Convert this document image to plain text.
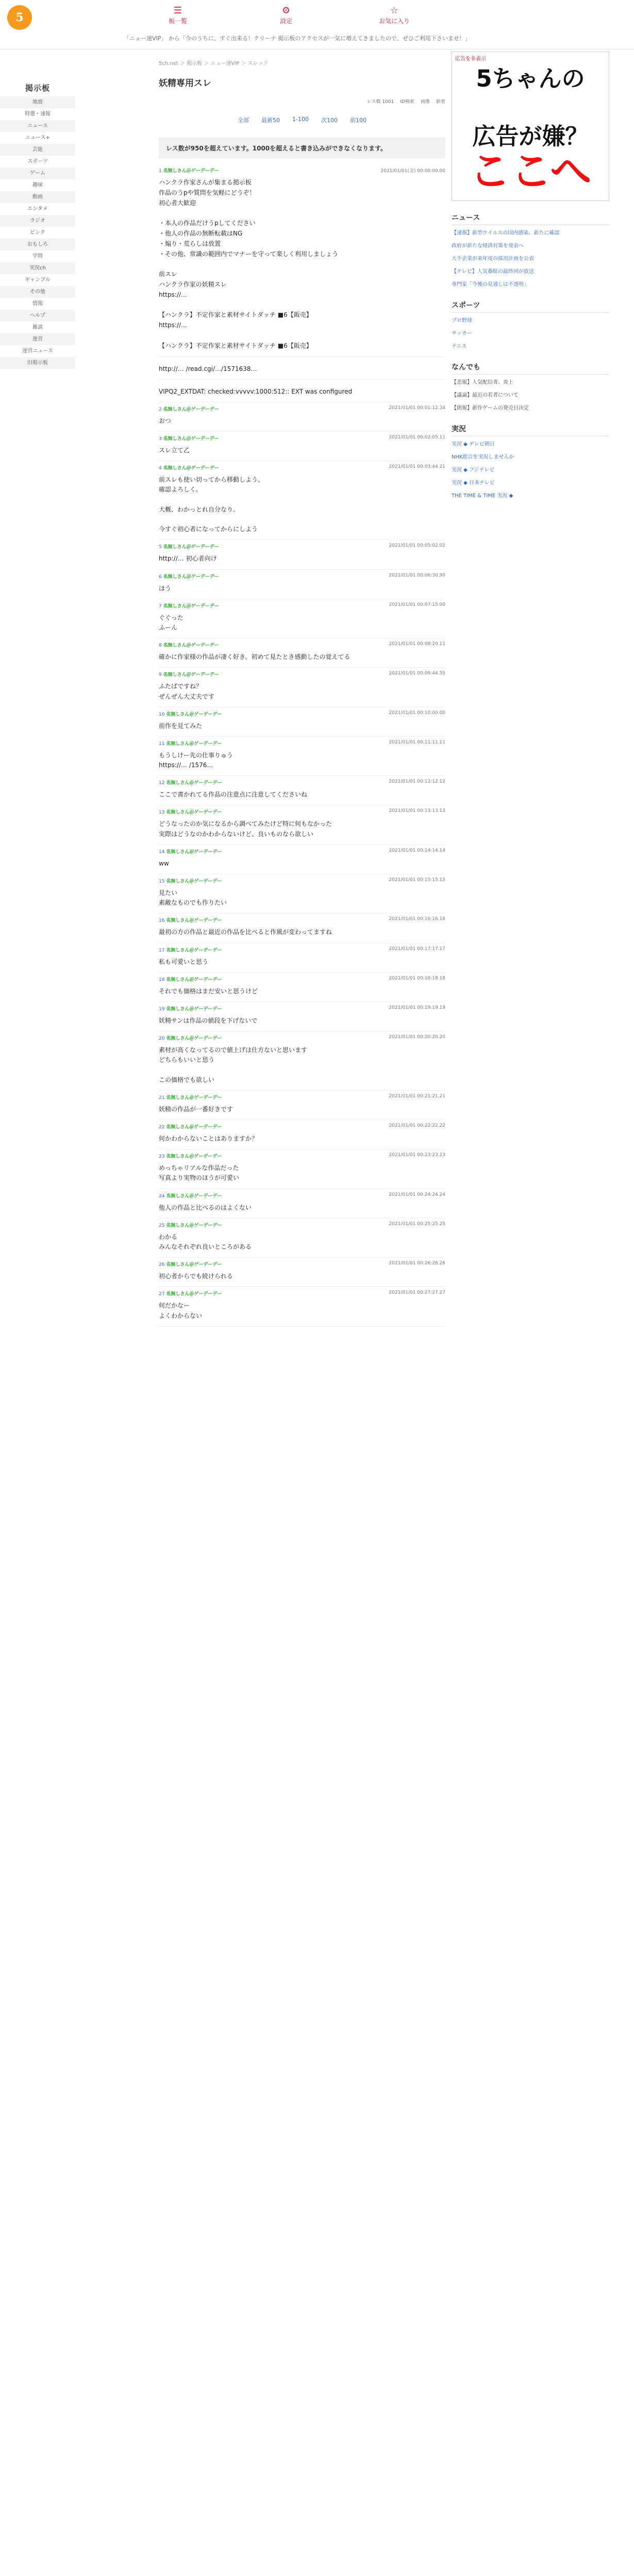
5
☰
板一覧
⚙
設定
☆
お気に入り
「ニュー速VIP」 から「今のうちに、すぐ出来る！クリーナ 掲示板のアクセスが一気に増えてきましたので、ぜひご利用下さいませ！」
掲示板
地震
特選・速報
ニュース
ニュース+
芸能
スポーツ
ゲーム
趣味
動画
エンタメ
ラジオ
ピンク
おもしろ
学問
実況ch
ギャンブル
その他
情報
ヘルプ
雑談
運営
運営ニュース
旧掲示板
5ch.net ＞ 掲示板 ＞ ニュー速VIP ＞ スレッド
妖精専用スレ
レス数 1001 ID検索 画像 新着
全部 最新50 1-100 次100 前100
レス数が950を超えています。1000を超えると書き込みができなくなります。
1 名無しさん＠ゲーデーデー	2021/01/01(金) 00:00:00.00
ハンクラ作家さんが集まる掲示板
作品のうpや質問を気軽にどうぞ！
初心者大歓迎

・本人の作品だけうpしてください
・他人の作品の無断転載はNG
・煽り・荒らしは放置
・その他、常識の範囲内でマナーを守って楽しく利用しましょう

前スレ
ハンクラ作家の妖精スレ
https://…

【ハンクラ】不定作家と素材サイトダッチ ■6【販売】
https://…

【ハンクラ】不定作家と素材サイトダッチ ■6【販売】
http://… /read.cgi/…/1571638…
VIPQ2_EXTDAT: checked:vvvvv:1000:512:: EXT was configured
2 名無しさん＠ゲーデーデー	2021/01/01 00:01:12.34
おつ
3 名無しさん＠ゲーデーデー	2021/01/01 00:02:05.11
スレ立て乙
4 名無しさん＠ゲーデーデー	2021/01/01 00:03:44.21
前スレも使い切ってから移動しよう。
確認よろしく。

大概、わかっとれ自分なり。

今すぐ初心者になってからにしよう
5 名無しさん＠ゲーデーデー	2021/01/01 00:05:02.02
http://… 初心者向け
6 名無しさん＠ゲーデーデー	2021/01/01 00:06:30.90
ほう
7 名無しさん＠ゲーデーデー	2021/01/01 00:07:15.00
ぐぐった
ふーん
8 名無しさん＠ゲーデーデー	2021/01/01 00:08:20.11
確かに作家様の作品が凄く好き。初めて見たとき感動したの覚えてる
9 名無しさん＠ゲーデーデー	2021/01/01 00:09:44.55
ふたばですね？
ぜんぜん大丈夫です
10 名無しさん＠ゲーデーデー	2021/01/01 00:10:00.00
前作を見てみた
11 名無しさん＠ゲーデーデー	2021/01/01 00:11:11.11
もうしけー先の仕事りゅう
https://… /1576…
12 名無しさん＠ゲーデーデー	2021/01/01 00:12:12.12
ここで書かれてる作品の注意点に注意してくださいね
13 名無しさん＠ゲーデーデー	2021/01/01 00:13:13.13
どうなったのか気になるから調べてみたけど特に何もなかった
実際はどうなのかわからないけど、良いものなら欲しい
14 名無しさん＠ゲーデーデー	2021/01/01 00:14:14.14
ww
15 名無しさん＠ゲーデーデー	2021/01/01 00:15:15.15
見たい
素敵なものでも作りたい
16 名無しさん＠ゲーデーデー	2021/01/01 00:16:16.16
最初の方の作品と最近の作品を比べると作風が変わってますね
17 名無しさん＠ゲーデーデー	2021/01/01 00:17:17.17
私も可愛いと思う
18 名無しさん＠ゲーデーデー	2021/01/01 00:18:18.18
それでも価格はまだ安いと思うけど
19 名無しさん＠ゲーデーデー	2021/01/01 00:19:19.19
妖精サンは作品の値段を下げないで
20 名無しさん＠ゲーデーデー	2021/01/01 00:20:20.20
素材が高くなってるので値上げは仕方ないと思います
どちらもいいと思う

この価格でも欲しい
21 名無しさん＠ゲーデーデー	2021/01/01 00:21:21.21
妖精の作品が一番好きです
22 名無しさん＠ゲーデーデー	2021/01/01 00:22:22.22
何かわからないことはありますか？
23 名無しさん＠ゲーデーデー	2021/01/01 00:23:23.23
めっちゃリアルな作品だった
写真より実物のほうが可愛い
24 名無しさん＠ゲーデーデー	2021/01/01 00:24:24.24
他人の作品と比べるのはよくない
25 名無しさん＠ゲーデーデー	2021/01/01 00:25:25.25
わかる
みんなそれぞれ良いところがある
26 名無しさん＠ゲーデーデー	2021/01/01 00:26:26.26
初心者からでも続けられる
27 名無しさん＠ゲーデーデー	2021/01/01 00:27:27.27
何だかなー
よくわからない
広告を非表示
5ちゃんの
広告が嫌？
ここへ
ニュース
【速報】新型ウイルスの国内感染、新たに確認
政府が新たな経済対策を発表へ
大手企業が来年度の採用計画を公表
【テレビ】人気番組の最終回が放送
専門家「今後の見通しは不透明」
スポーツ
プロ野球
サッカー
テニス
なんでも
【悲報】人気配信者、炎上
【議論】最近の若者について
【朗報】新作ゲームの発売日決定
実況
実況 ◆ テレビ朝日
NHK総合を実況しませんか
実況 ◆ フジテレビ
実況 ◆ 日本テレビ
THE TIME & TIME 実況 ◆
